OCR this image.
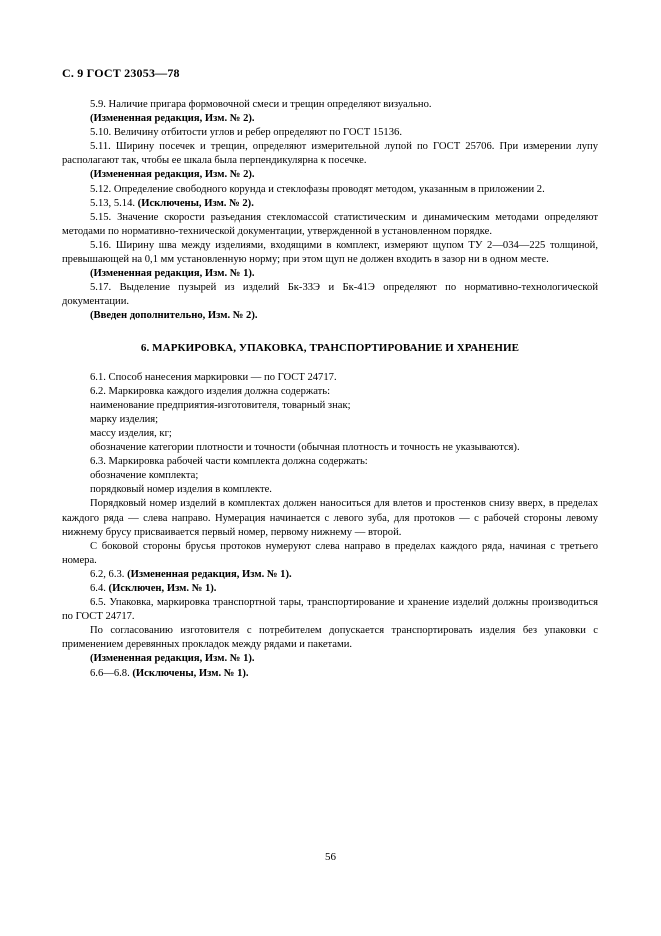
С. 9 ГОСТ 23053—78

5.9. Наличие пригара формовочной смеси и трещин определяют визуально.

(Измененная редакция, Изм. № 2).

5.10. Величину отбитости углов и ребер определяют по ГОСТ 15136.

5.11. Ширину посечек и трещин, определяют измерительной лупой по ГОСТ 25706. При измерении лупу располагают так, чтобы ее шкала была перпендикулярна к посечке.

(Измененная редакция, Изм. № 2).

5.12. Определение свободного корунда и стеклофазы проводят методом, указанным в приложении 2.

5.13, 5.14. (Исключены, Изм. № 2).

5.15. Значение скорости разъедания стекломассой статистическим и динамическим методами определяют методами по нормативно-технической документации, утвержденной в установленном порядке.

5.16. Ширину шва между изделиями, входящими в комплект, измеряют щупом ТУ 2—034—225 толщиной, превышающей на 0,1 мм установленную норму; при этом щуп не должен входить в зазор ни в одном месте.

(Измененная редакция, Изм. № 1).

5.17. Выделение пузырей из изделий Бк-33Э и Бк-41Э определяют по нормативно-технологической документации.

(Введен дополнительно, Изм. № 2).

6. МАРКИРОВКА, УПАКОВКА, ТРАНСПОРТИРОВАНИЕ И ХРАНЕНИЕ

6.1. Способ нанесения маркировки — по ГОСТ 24717.

6.2. Маркировка каждого изделия должна содержать:

наименование предприятия-изготовителя, товарный знак;

марку изделия;

массу изделия, кг;

обозначение категории плотности и точности (обычная плотность и точность не указываются).

6.3. Маркировка рабочей части комплекта должна содержать:

обозначение комплекта;

порядковый номер изделия в комплекте.

Порядковый номер изделий в комплектах должен наноситься для влетов и простенков снизу вверх, в пределах каждого ряда — слева направо. Нумерация начинается с левого зуба, для протоков — с рабочей стороны левому нижнему брусу присваивается первый номер, первому нижнему — второй.

С боковой стороны брусья протоков нумеруют слева направо в пределах каждого ряда, начиная с третьего номера.

6.2, 6.3. (Измененная редакция, Изм. № 1).

6.4. (Исключен, Изм. № 1).

6.5. Упаковка, маркировка транспортной тары, транспортирование и хранение изделий должны производиться по ГОСТ 24717.

По согласованию изготовителя с потребителем допускается транспортировать изделия без упаковки с применением деревянных прокладок между рядами и пакетами.

(Измененная редакция, Изм. № 1).

6.6—6.8. (Исключены, Изм. № 1).

56
